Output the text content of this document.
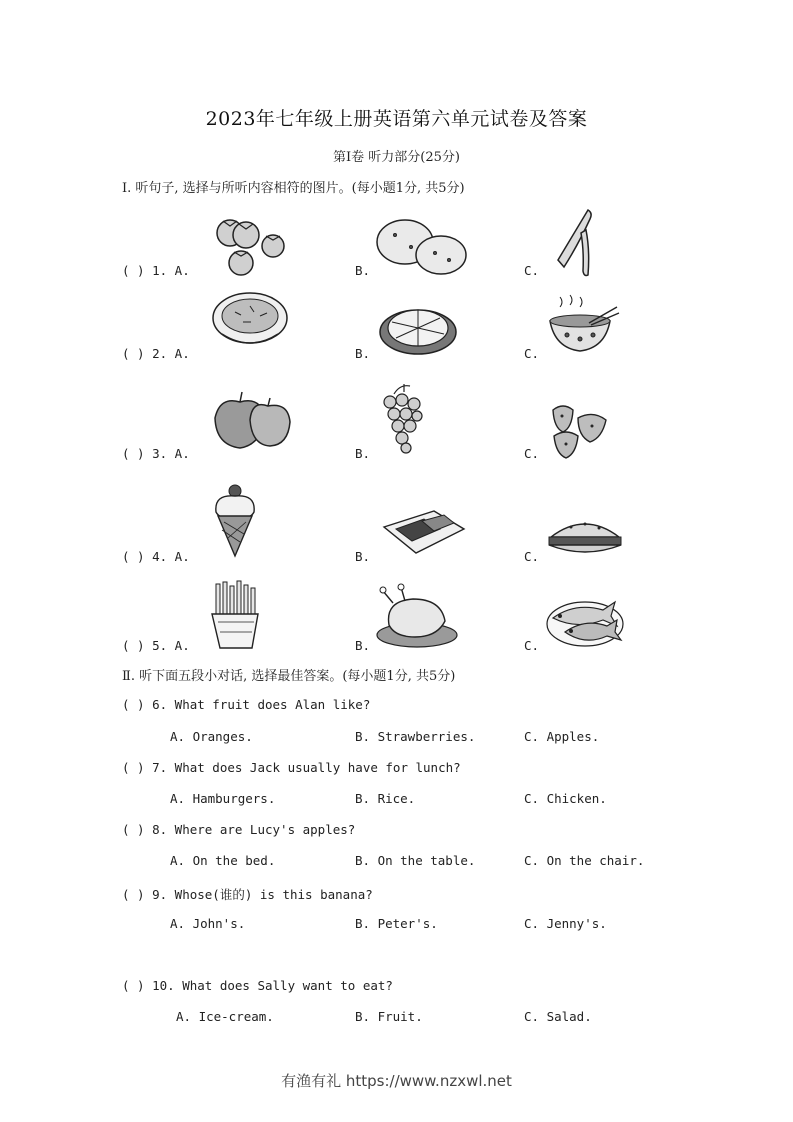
2023年七年级上册英语第六单元试卷及答案
第Ⅰ卷 听力部分(25分)
Ⅰ. 听句子, 选择与所听内容相符的图片。(每小题1分, 共5分)
( ) 1. A.	B.	C.
( ) 2. A.	B.	C.
( ) 3. A.	B.	C.
( ) 4. A.	B.	C.
( ) 5. A.	B.	C.
Ⅱ. 听下面五段小对话, 选择最佳答案。(每小题1分, 共5分)
( ) 6. What fruit does Alan like?
A. Oranges.	B. Strawberries.	C. Apples.
( ) 7. What does Jack usually have for lunch?
A. Hamburgers.	B. Rice.	C. Chicken.
( ) 8. Where are Lucy's apples?
A. On the bed.	B. On the table.	C. On the chair.
( ) 9. Whose(谁的) is this banana?
A. John's.	B. Peter's.	C. Jenny's.
( ) 10. What does Sally want to eat?
A. Ice-cream.	B. Fruit.	C. Salad.
有渔有礼 https://www.nzxwl.net
